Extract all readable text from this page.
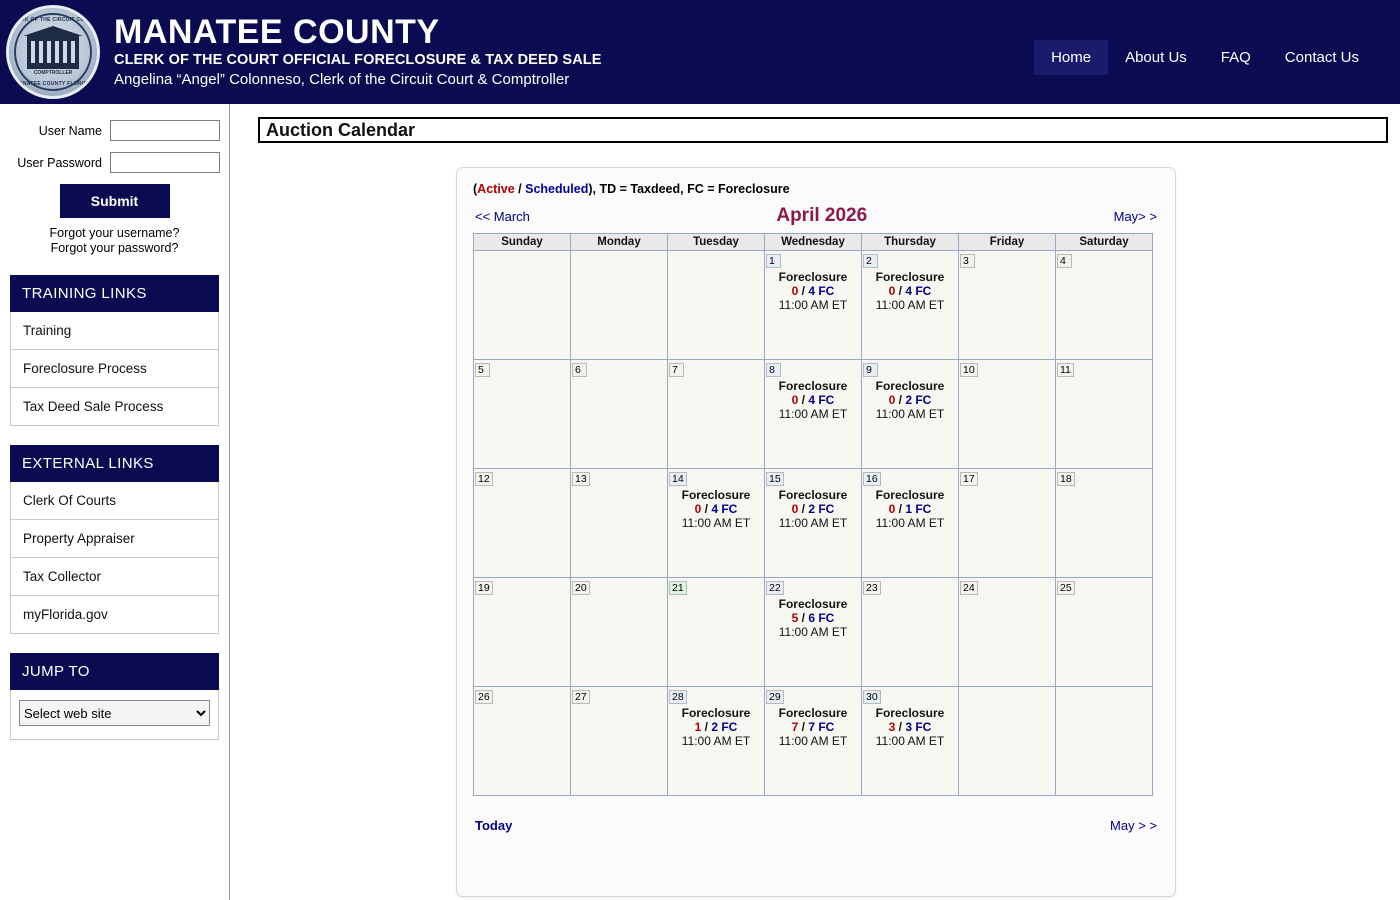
CLERK OF THE CIRCUIT COURT
COMPTROLLER
MANATEE COUNTY FLORIDA
MANATEE COUNTY
CLERK OF THE COURT OFFICIAL FORECLOSURE & TAX DEED SALE
Angelina “Angel” Colonneso, Clerk of the Circuit Court & Comptroller
Home	About Us	FAQ	Contact Us
User Name
User Password
Submit
Forgot your username?
Forgot your password?
TRAINING LINKS
Training
Foreclosure Process
Tax Deed Sale Process
EXTERNAL LINKS
Clerk Of Courts
Property Appraiser
Tax Collector
myFlorida.gov
JUMP TO
Select web site
Auction Calendar
(Active / Scheduled), TD = Taxdeed, FC = Foreclosure
<< March	April 2026	May> >
Sunday	Monday	Tuesday	Wednesday	Thursday	Friday	Saturday
			1
Foreclosure
0 / 4 FC
11:00 AM ET
	2
Foreclosure
0 / 4 FC
11:00 AM ET
	3	4
5	6	7	8
Foreclosure
0 / 4 FC
11:00 AM ET
	9
Foreclosure
0 / 2 FC
11:00 AM ET
	10	11
12	13	14
Foreclosure
0 / 4 FC
11:00 AM ET
	15
Foreclosure
0 / 2 FC
11:00 AM ET
	16
Foreclosure
0 / 1 FC
11:00 AM ET
	17	18
19	20	21	22
Foreclosure
5 / 6 FC
11:00 AM ET	23	24	25
26	27	28
Foreclosure
1 / 2 FC
11:00 AM ET
	29
Foreclosure
7 / 7 FC
11:00 AM ET
	30
Foreclosure
3 / 3 FC
11:00 AM ET

Today	May > >
